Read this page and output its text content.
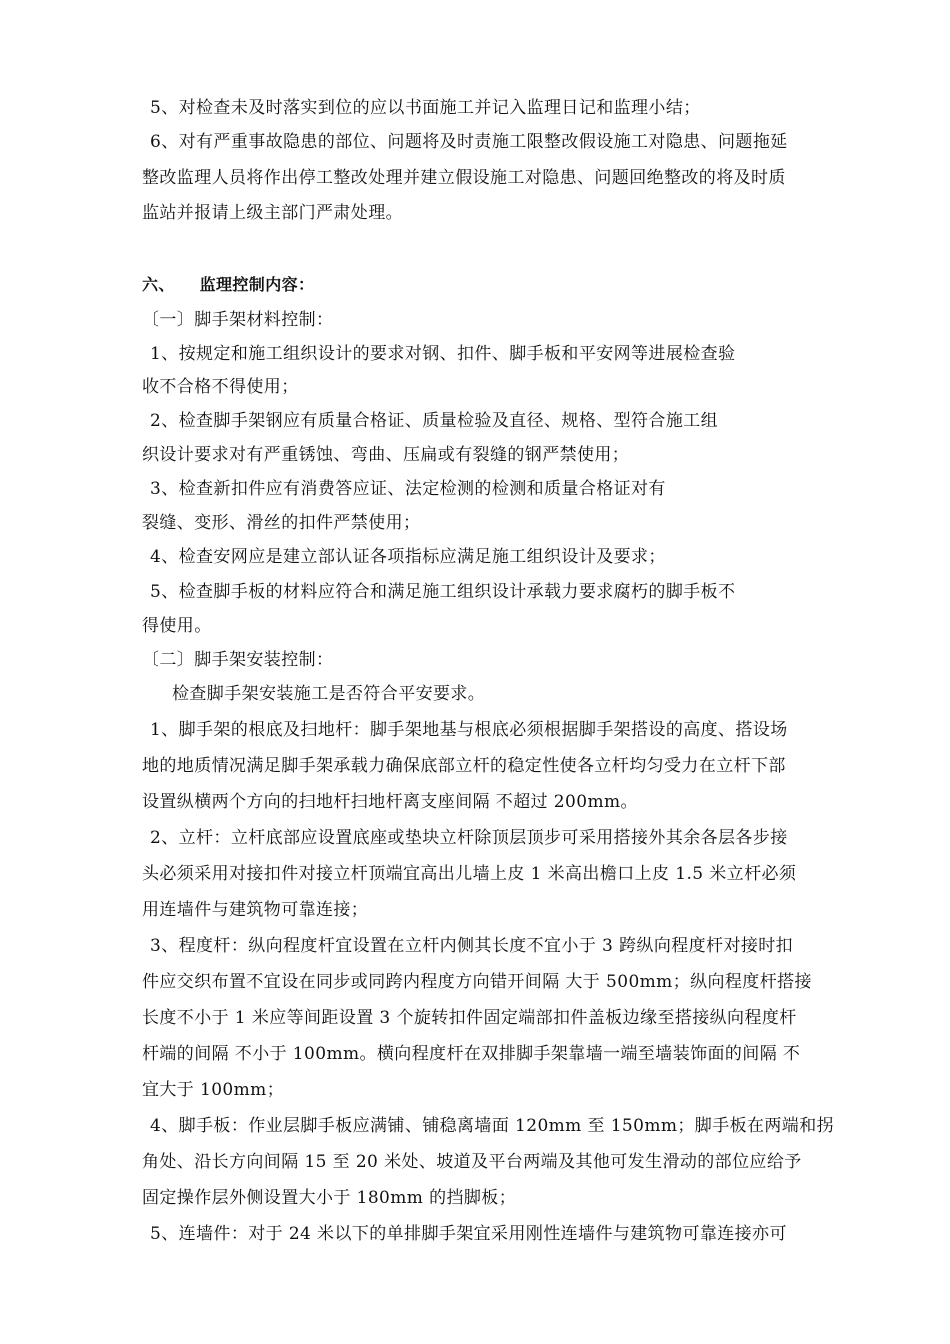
5、对检查未及时落实到位的应以书面施工并记入监理日记和监理小结；
6、对有严重事故隐患的部位、问题将及时责施工限整改假设施工对隐患、问题拖延
整改监理人员将作出停工整改处理并建立假设施工对隐患、问题回绝整改的将及时质
监站并报请上级主部门严肃处理。
六、　　监理控制内容：
〔一〕脚手架材料控制：
1、按规定和施工组织设计的要求对钢、扣件、脚手板和平安网等进展检查验
收不合格不得使用；
2、检查脚手架钢应有质量合格证、质量检验及直径、规格、型符合施工组
织设计要求对有严重锈蚀、弯曲、压扁或有裂缝的钢严禁使用；
3、检查新扣件应有消费答应证、法定检测的检测和质量合格证对有
裂缝、变形、滑丝的扣件严禁使用；
4、检查安网应是建立部认证各项指标应满足施工组织设计及要求；
5、检查脚手板的材料应符合和满足施工组织设计承载力要求腐朽的脚手板不
得使用。
〔二〕脚手架安装控制：
检查脚手架安装施工是否符合平安要求。
1、脚手架的根底及扫地杆：脚手架地基与根底必须根据脚手架搭设的高度、搭设场
地的地质情况满足脚手架承载力确保底部立杆的稳定性使各立杆均匀受力在立杆下部
设置纵横两个方向的扫地杆扫地杆离支座间隔 不超过 200mm。
2、立杆：立杆底部应设置底座或垫块立杆除顶层顶步可采用搭接外其余各层各步接
头必须采用对接扣件对接立杆顶端宜高出儿墙上皮 1 米高出檐口上皮 1.5 米立杆必须
用连墙件与建筑物可靠连接；
3、程度杆：纵向程度杆宜设置在立杆内侧其长度不宜小于 3 跨纵向程度杆对接时扣
件应交织布置不宜设在同步或同跨内程度方向错开间隔 大于 500mm；纵向程度杆搭接
长度不小于 1 米应等间距设置 3 个旋转扣件固定端部扣件盖板边缘至搭接纵向程度杆
杆端的间隔 不小于 100mm。横向程度杆在双排脚手架靠墙一端至墙装饰面的间隔 不
宜大于 100mm；
4、脚手板：作业层脚手板应满铺、铺稳离墙面 120mm 至 150mm；脚手板在两端和拐
角处、沿长方向间隔 15 至 20 米处、坡道及平台两端及其他可发生滑动的部位应给予
固定操作层外侧设置大小于 180mm 的挡脚板；
5、连墙件：对于 24 米以下的单排脚手架宜采用刚性连墙件与建筑物可靠连接亦可
